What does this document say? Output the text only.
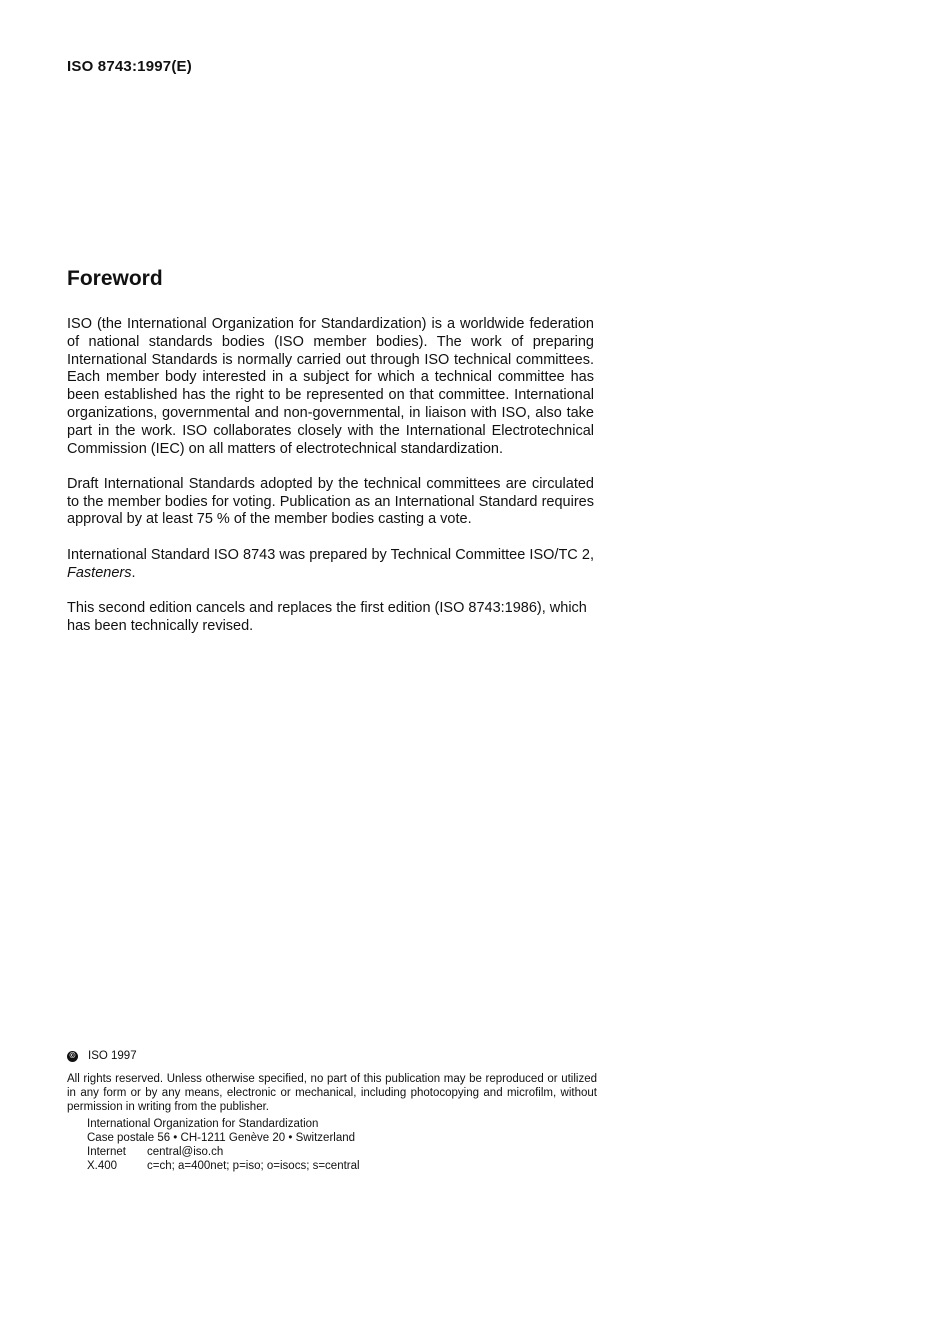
ISO 8743:1997(E)
Foreword

ISO (the International Organization for Standardization) is a worldwide federation of national standards bodies (ISO member bodies). The work of preparing International Standards is normally carried out through ISO technical committees. Each member body interested in a subject for which a technical committee has been established has the right to be represented on that committee. International organizations, governmental and non-governmental, in liaison with ISO, also take part in the work. ISO collaborates closely with the International Electrotechnical Commission (IEC) on all matters of electrotechnical standardization.

Draft International Standards adopted by the technical committees are circulated to the member bodies for voting. Publication as an International Standard requires approval by at least 75 % of the member bodies casting a vote.

International Standard ISO 8743 was prepared by Technical Committee ISO/TC 2, Fasteners.

This second edition cancels and replaces the first edition (ISO 8743:1986), which has been technically revised.

© ISO 1997

All rights reserved. Unless otherwise specified, no part of this publication may be reproduced or utilized in any form or by any means, electronic or mechanical, including photocopying and microfilm, without permission in writing from the publisher.

International Organization for Standardization
Case postale 56 • CH-1211 Genève 20 • Switzerland
Internet	central@iso.ch
X.400	c=ch; a=400net; p=iso; o=isocs; s=central
